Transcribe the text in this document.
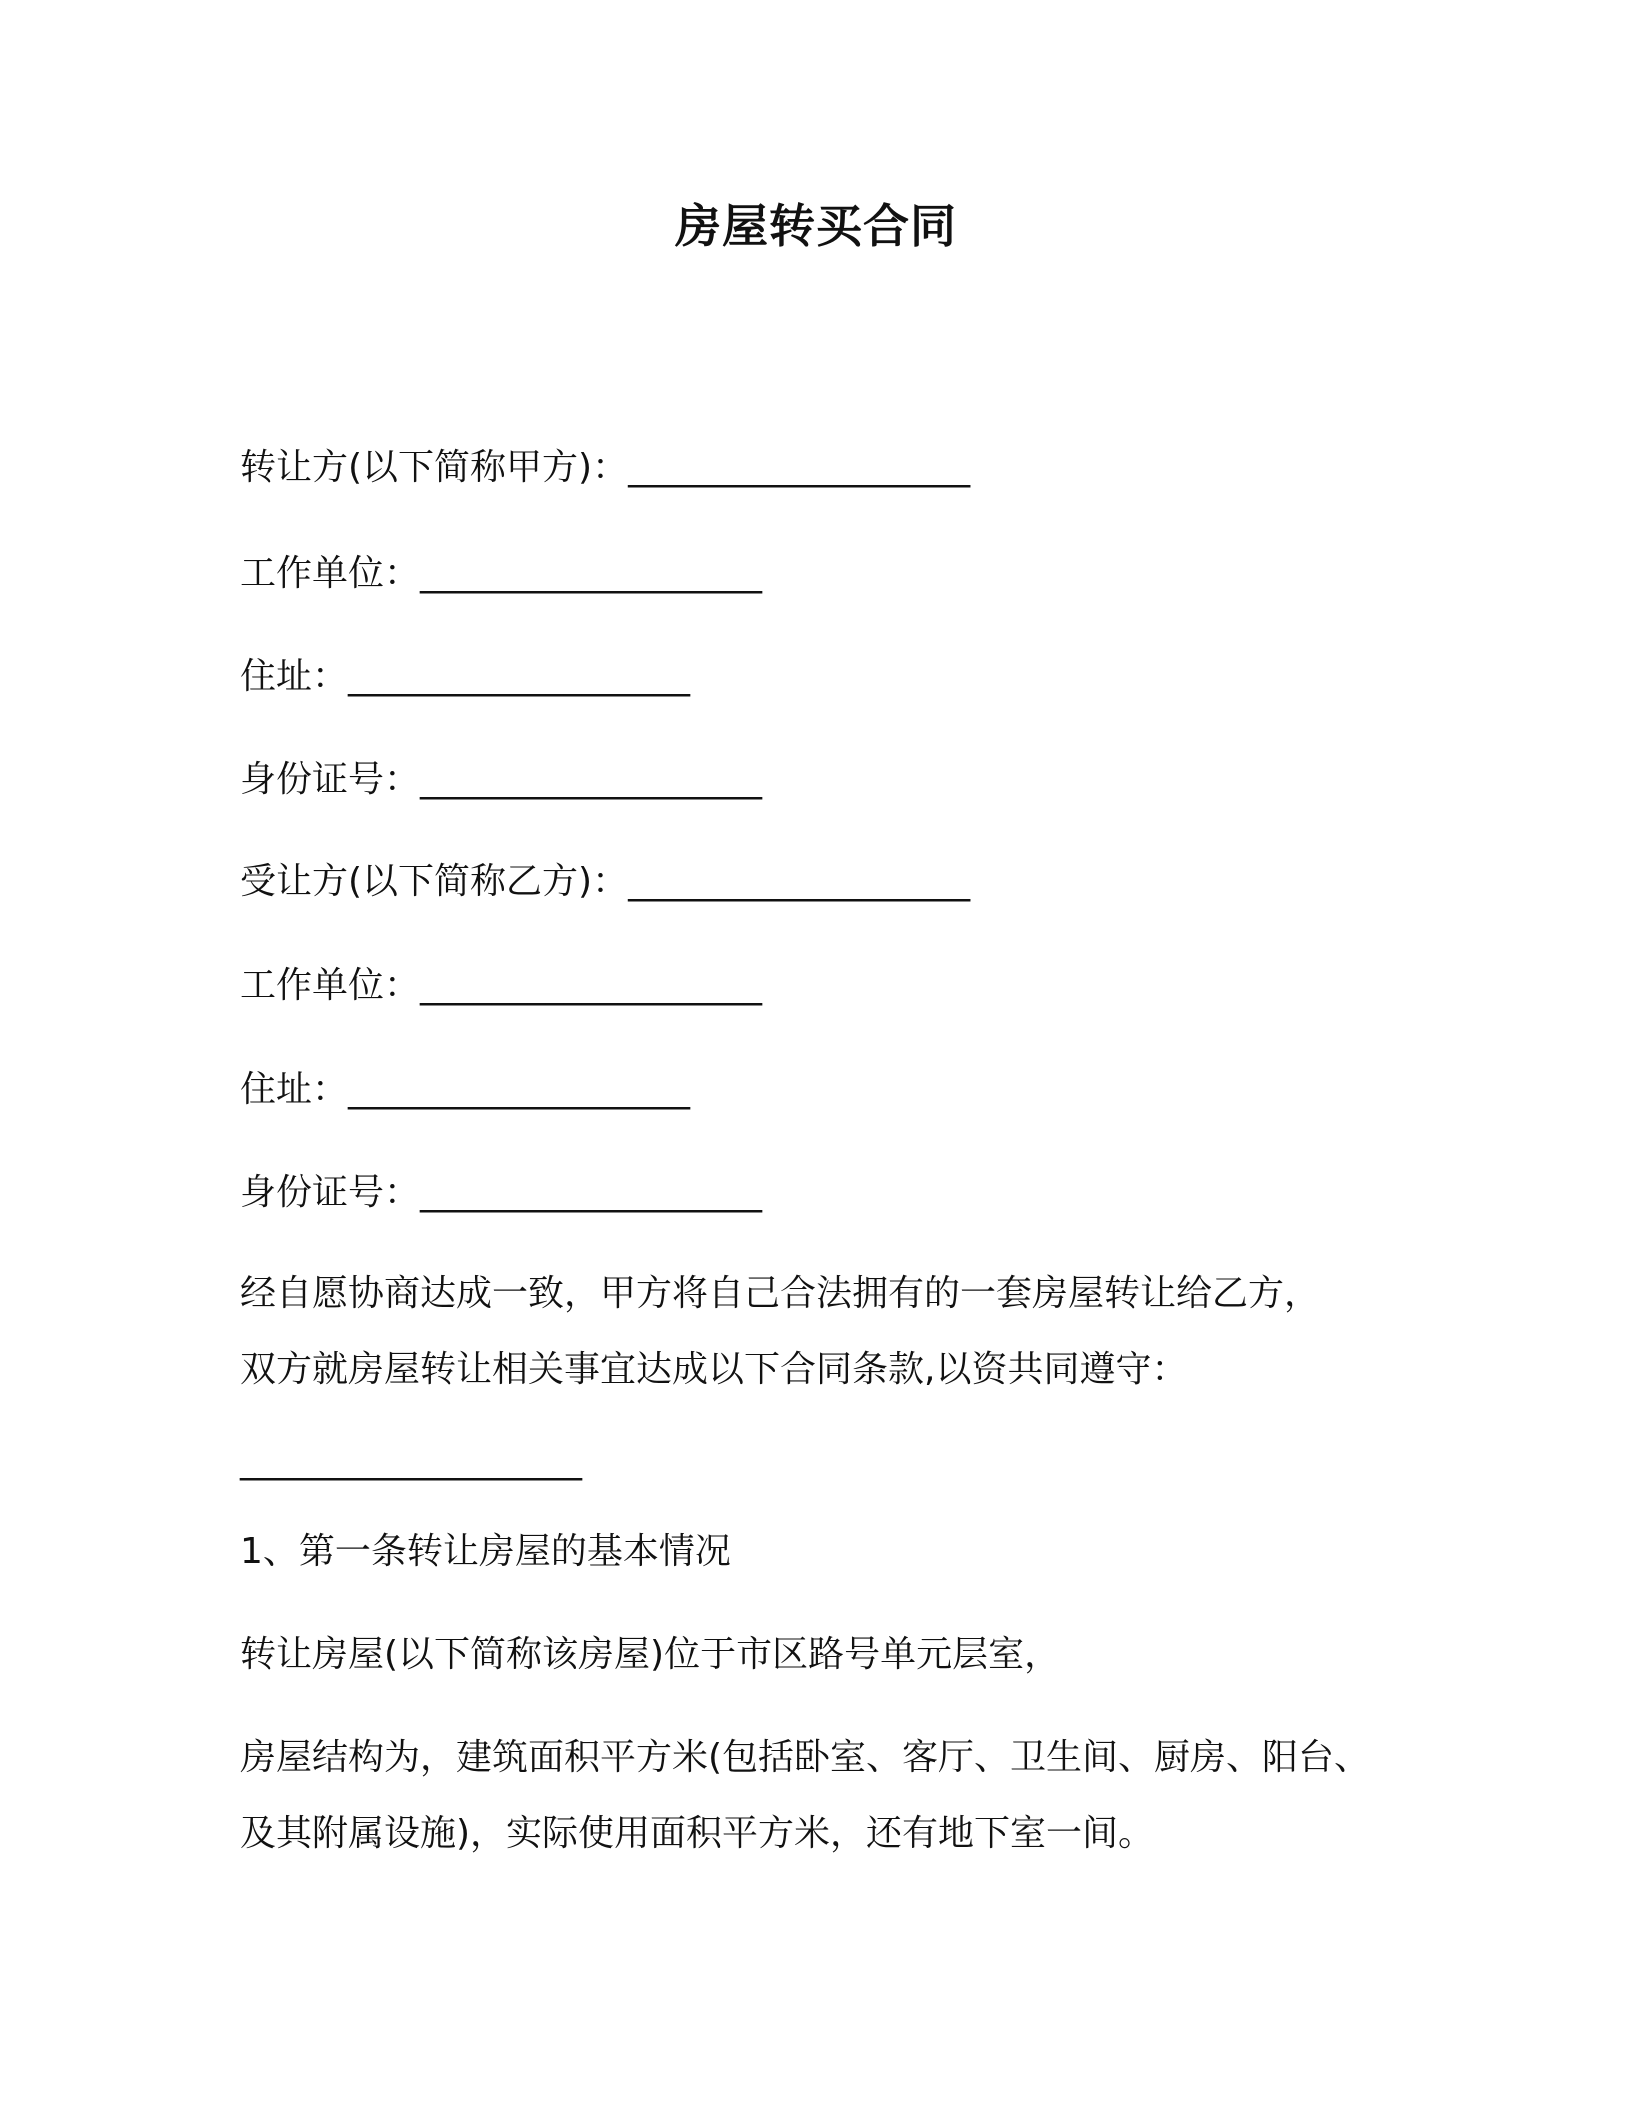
房屋转买合同
转让方(以下简称甲方)：___________________
工作单位：___________________
住址：___________________
身份证号：___________________
受让方(以下简称乙方)：___________________
工作单位：___________________
住址：___________________
身份证号：___________________
经自愿协商达成一致，甲方将自己合法拥有的一套房屋转让给乙方，
双方就房屋转让相关事宜达成以下合同条款,以资共同遵守：
___________________
1、第一条转让房屋的基本情况
转让房屋(以下简称该房屋)位于市区路号单元层室，
房屋结构为，建筑面积平方米(包括卧室、客厅、卫生间、厨房、阳台、
及其附属设施)，实际使用面积平方米，还有地下室一间。
